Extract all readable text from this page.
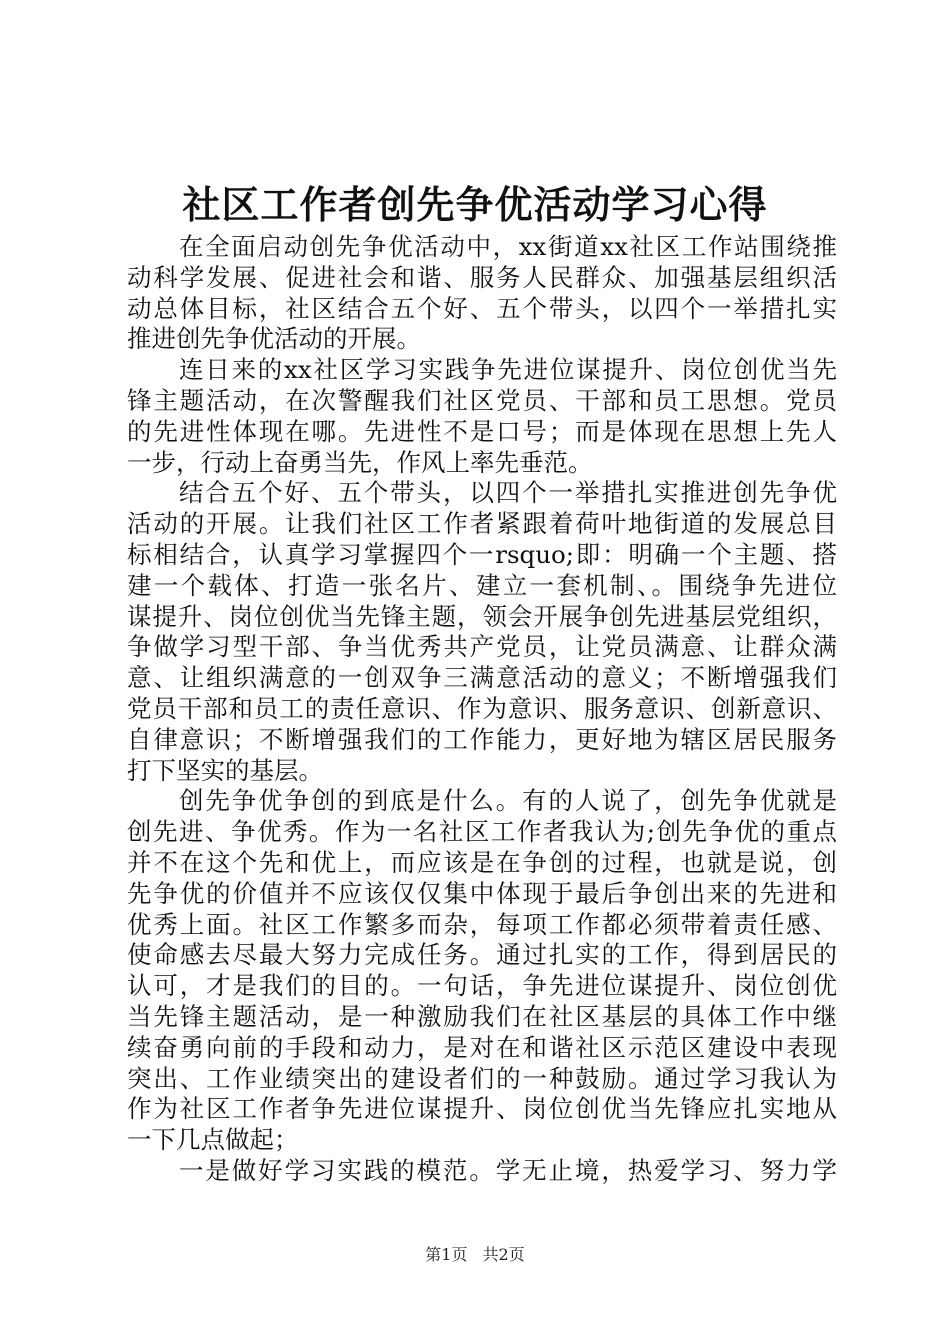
社区工作者创先争优活动学习心得
在全面启动创先争优活动中，xx街道xx社区工作站围绕推
动科学发展、促进社会和谐、服务人民群众、加强基层组织活
动总体目标，社区结合五个好、五个带头，以四个一举措扎实
推进创先争优活动的开展。
连日来的xx社区学习实践争先进位谋提升、岗位创优当先
锋主题活动，在次警醒我们社区党员、干部和员工思想。党员
的先进性体现在哪。先进性不是口号；而是体现在思想上先人
一步，行动上奋勇当先，作风上率先垂范。
结合五个好、五个带头，以四个一举措扎实推进创先争优
活动的开展。让我们社区工作者紧跟着荷叶地街道的发展总目
标相结合，认真学习掌握四个一rsquo;即：明确一个主题、搭
建一个载体、打造一张名片、建立一套机制、。围绕争先进位
谋提升、岗位创优当先锋主题，领会开展争创先进基层党组织，
争做学习型干部、争当优秀共产党员，让党员满意、让群众满
意、让组织满意的一创双争三满意活动的意义；不断增强我们
党员干部和员工的责任意识、作为意识、服务意识、创新意识、
自律意识；不断增强我们的工作能力，更好地为辖区居民服务
打下坚实的基层。
创先争优争创的到底是什么。有的人说了，创先争优就是
创先进、争优秀。作为一名社区工作者我认为;创先争优的重点
并不在这个先和优上，而应该是在争创的过程，也就是说，创
先争优的价值并不应该仅仅集中体现于最后争创出来的先进和
优秀上面。社区工作繁多而杂，每项工作都必须带着责任感、
使命感去尽最大努力完成任务。通过扎实的工作，得到居民的
认可，才是我们的目的。一句话，争先进位谋提升、岗位创优
当先锋主题活动，是一种激励我们在社区基层的具体工作中继
续奋勇向前的手段和动力，是对在和谐社区示范区建设中表现
突出、工作业绩突出的建设者们的一种鼓励。通过学习我认为
作为社区工作者争先进位谋提升、岗位创优当先锋应扎实地从
一下几点做起；
一是做好学习实践的模范。学无止境，热爱学习、努力学
第1页 共2页
